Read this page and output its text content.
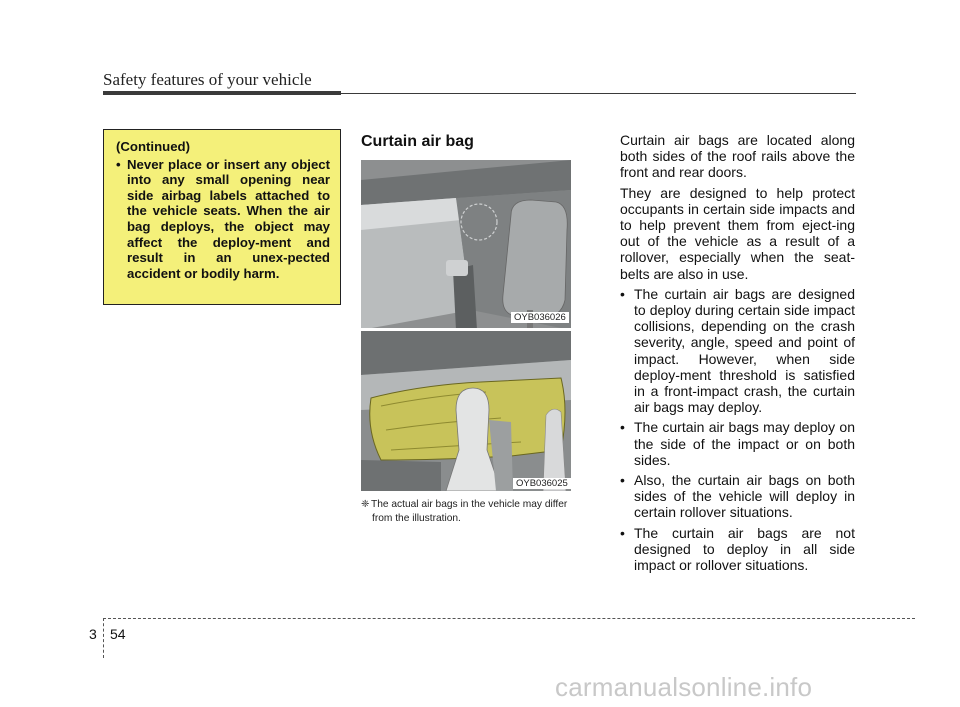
Safety features of your vehicle
(Continued)
• Never place or insert any object into any small opening near side airbag labels attached to the vehicle seats. When the air bag deploys, the object may affect the deploy-ment and result in an unex-pected accident or bodily harm.
Curtain air bag
OYB036026
OYB036025
❈The actual air bags in the vehicle may differ
from the illustration.

Curtain air bags are located along both sides of the roof rails above the front and rear doors.

They are designed to help protect occupants in certain side impacts and to help prevent them from eject-ing out of the vehicle as a result of a rollover, especially when the seat-belts are also in use.

• The curtain air bags are designed to deploy during certain side impact collisions, depending on the crash severity, angle, speed and point of impact. However, when side deploy-ment threshold is satisfied in a front-impact crash, the curtain air bags may deploy.
• The curtain air bags may deploy on the side of the impact or on both sides.
• Also, the curtain air bags on both sides of the vehicle will deploy in certain rollover situations.
• The curtain air bags are not designed to deploy in all side impact or rollover situations.
3 54
carmanualsonline.info
